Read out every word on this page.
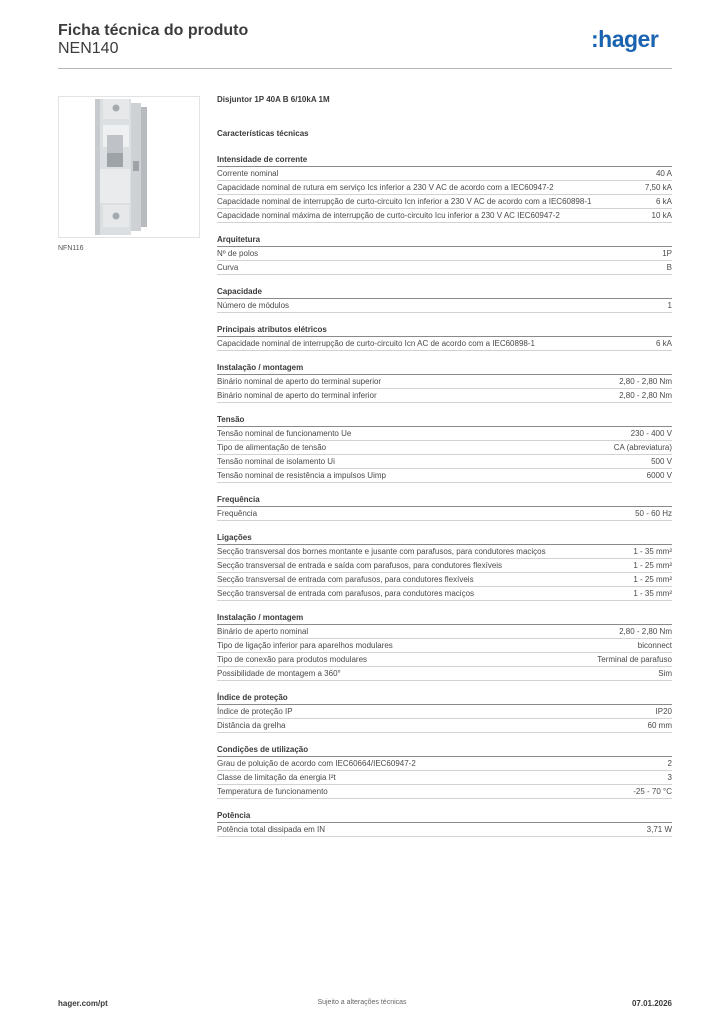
Ficha técnica do produto
NEN140	:hager
NFN116
Disjuntor 1P 40A B 6/10kA 1M
Características técnicas
Intensidade de corrente
Corrente nominal	40 A
Capacidade nominal de rutura em serviço Ics inferior a 230 V AC de acordo com a IEC60947-2	7,50 kA
Capacidade nominal de interrupção de curto-circuito Icn inferior a 230 V AC de acordo com a IEC60898-1	6 kA
Capacidade nominal máxima de interrupção de curto-circuito Icu inferior a 230 V AC IEC60947-2	10 kA
Arquitetura
Nº de polos	1P
Curva	B
Capacidade
Número de módulos	1
Principais atributos elétricos
Capacidade nominal de interrupção de curto-circuito Icn AC de acordo com a IEC60898-1	6 kA
Instalação / montagem
Binário nominal de aperto do terminal superior	2,80 - 2,80 Nm
Binário nominal de aperto do terminal inferior	2,80 - 2,80 Nm
Tensão
Tensão nominal de funcionamento Ue	230 - 400 V
Tipo de alimentação de tensão	CA (abreviatura)
Tensão nominal de isolamento Ui	500 V
Tensão nominal de resistência a impulsos Uimp	6000 V
Frequência
Frequência	50 - 60 Hz
Ligações
Secção transversal dos bornes montante e jusante com parafusos, para condutores maciços	1 - 35 mm²
Secção transversal de entrada e saída com parafusos, para condutores flexíveis	1 - 25 mm²
Secção transversal de entrada com parafusos, para condutores flexíveis	1 - 25 mm²
Secção transversal de entrada com parafusos, para condutores maciços	1 - 35 mm²
Instalação / montagem
Binário de aperto nominal	2,80 - 2,80 Nm
Tipo de ligação inferior para aparelhos modulares	biconnect
Tipo de conexão para produtos modulares	Terminal de parafuso
Possibilidade de montagem a 360°	Sim
Índice de proteção
Índice de proteção IP	IP20
Distância da grelha	60 mm
Condições de utilização
Grau de poluição de acordo com IEC60664/IEC60947-2	2
Classe de limitação da energia I²t	3
Temperatura de funcionamento	-25 - 70 °C
Potência
Potência total dissipada em IN	3,71 W
hager.com/pt	Sujeito a alterações técnicas	07.01.2026
